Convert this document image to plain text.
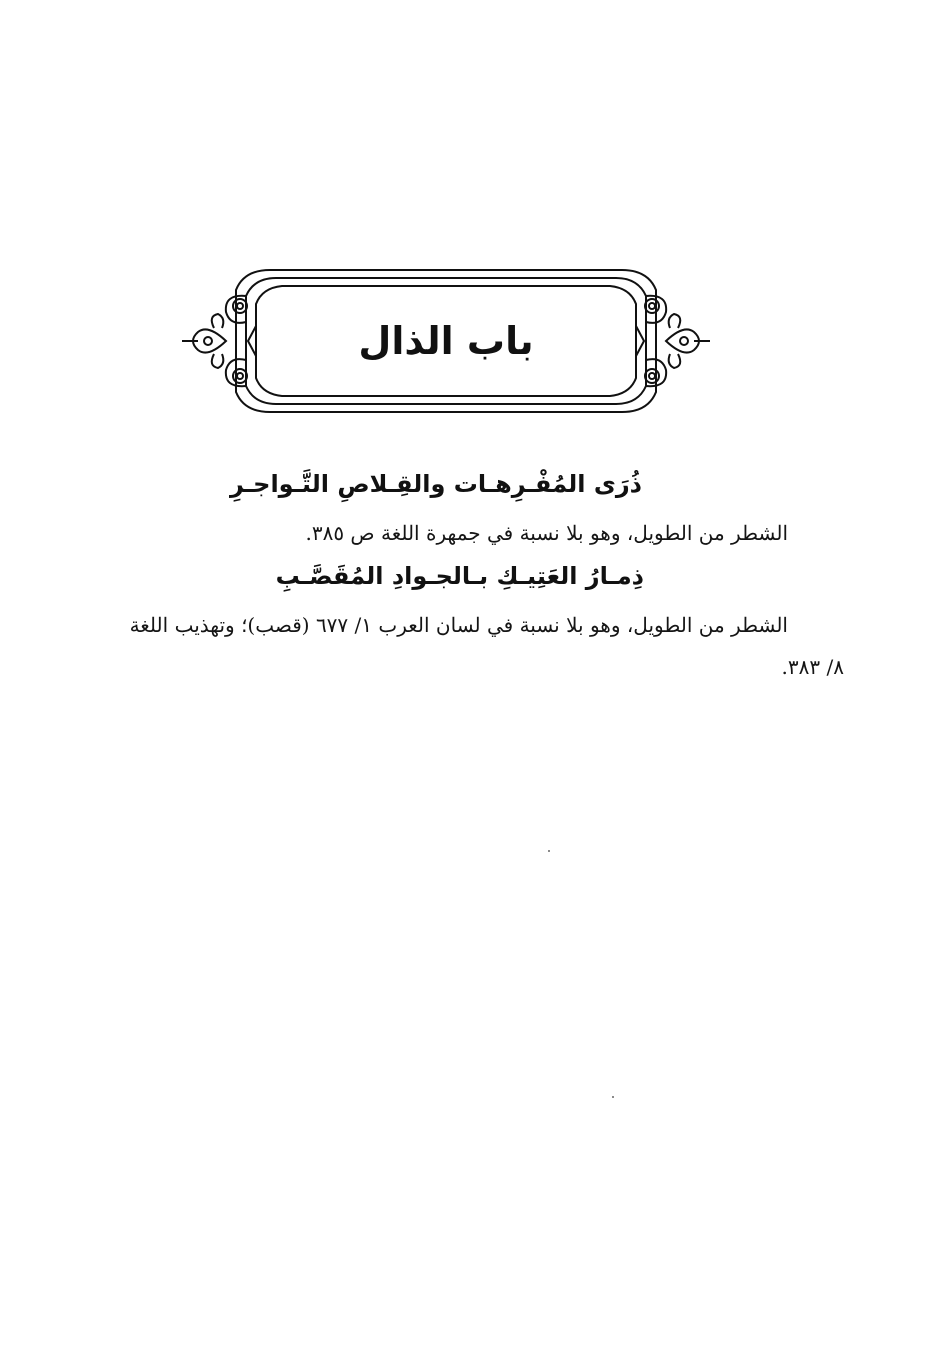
باب الذال
ذُرَى المُفْـرِهـات والقِـلاصِ التَّـواجـرِ
الشطر من الطويل، وهو بلا نسبة في جمهرة اللغة ص ٣٨٥.
ذِمـارُ العَتِيـكِ بـالجـوادِ المُقَصَّـبِ
الشطر من الطويل، وهو بلا نسبة في لسان العرب ١/ ٦٧٧ (قصب)؛ وتهذيب اللغة
٨/ ٣٨٣.
